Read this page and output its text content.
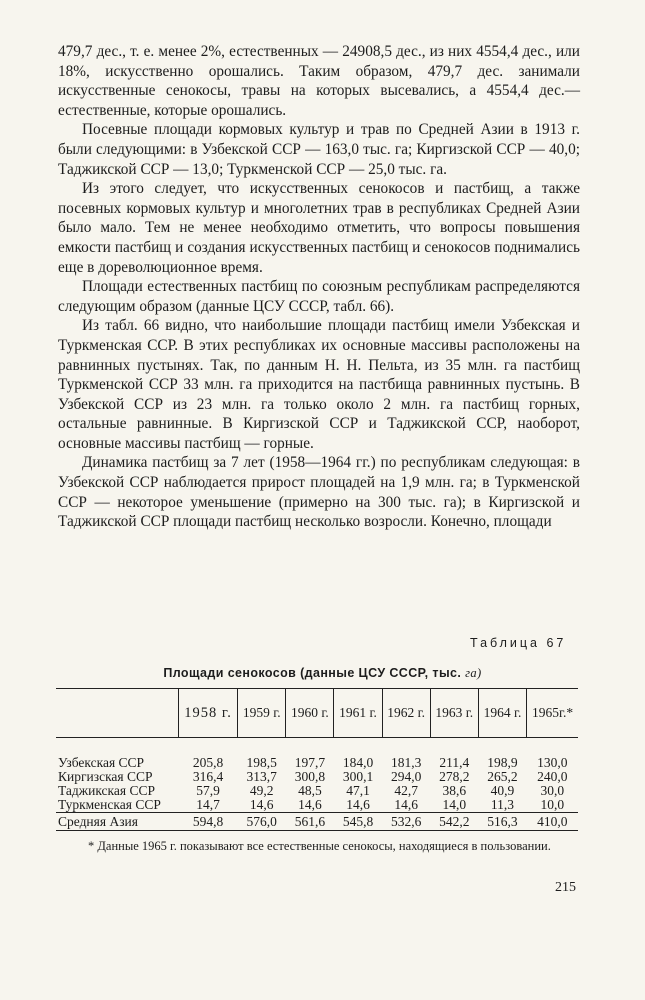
479,7 дес., т. е. менее 2%, естественных — 24908,5 дес., из них 4554,4 дес., или 18%, искусственно орошались. Таким образом, 479,7 дес. занимали искусственные сенокосы, травы на которых высевались, а 4554,4 дес.— естественные, которые орошались.

Посевные площади кормовых культур и трав по Средней Азии в 1913 г. были следующими: в Узбекской ССР — 163,0 тыс. га; Киргизской ССР — 40,0; Таджикской ССР — 13,0; Туркменской ССР — 25,0 тыс. га.

Из этого следует, что искусственных сенокосов и пастбищ, а также посевных кормовых культур и многолетних трав в республиках Средней Азии было мало. Тем не менее необходимо отметить, что вопросы повышения емкости пастбищ и создания искусственных пастбищ и сенокосов поднимались еще в дореволюционное время.

Площади естественных пастбищ по союзным республикам распределяются следующим образом (данные ЦСУ СССР, табл. 66).

Из табл. 66 видно, что наибольшие площади пастбищ имели Узбекская и Туркменская ССР. В этих республиках их основные массивы расположены на равнинных пустынях. Так, по данным Н. Н. Пельта, из 35 млн. га пастбищ Туркменской ССР 33 млн. га приходится на пастбища равнинных пустынь. В Узбекской ССР из 23 млн. га только около 2 млн. га пастбищ горных, остальные равнинные. В Киргизской ССР и Таджикской ССР, наоборот, основные массивы пастбищ — горные.

Динамика пастбищ за 7 лет (1958—1964 гг.) по республикам следующая: в Узбекской ССР наблюдается прирост площадей на 1,9 млн. га; в Туркменской ССР — некоторое уменьшение (примерно на 300 тыс. га); в Киргизской и Таджикской ССР площади пастбищ несколько возросли. Конечно, площади

Таблица 67
Площади сенокосов (данные ЦСУ СССР, тыс. га)
	1958 г.	1959 г.	1960 г.	1961 г.	1962 г.	1963 г.	1964 г.	1965г.*

Узбекская ССР	205,8	198,5	197,7	184,0	181,3	211,4	198,9	130,0
Киргизская ССР	316,4	313,7	300,8	300,1	294,0	278,2	265,2	240,0
Таджикская ССР	57,9	49,2	48,5	47,1	42,7	38,6	40,9	30,0
Туркменская ССР	14,7	14,6	14,6	14,6	14,6	14,0	11,3	10,0
Средняя Азия	594,8	576,0	561,6	545,8	532,6	542,2	516,3	410,0
* Данные 1965 г. показывают все естественные сенокосы, находящиеся в пользовании.
215
